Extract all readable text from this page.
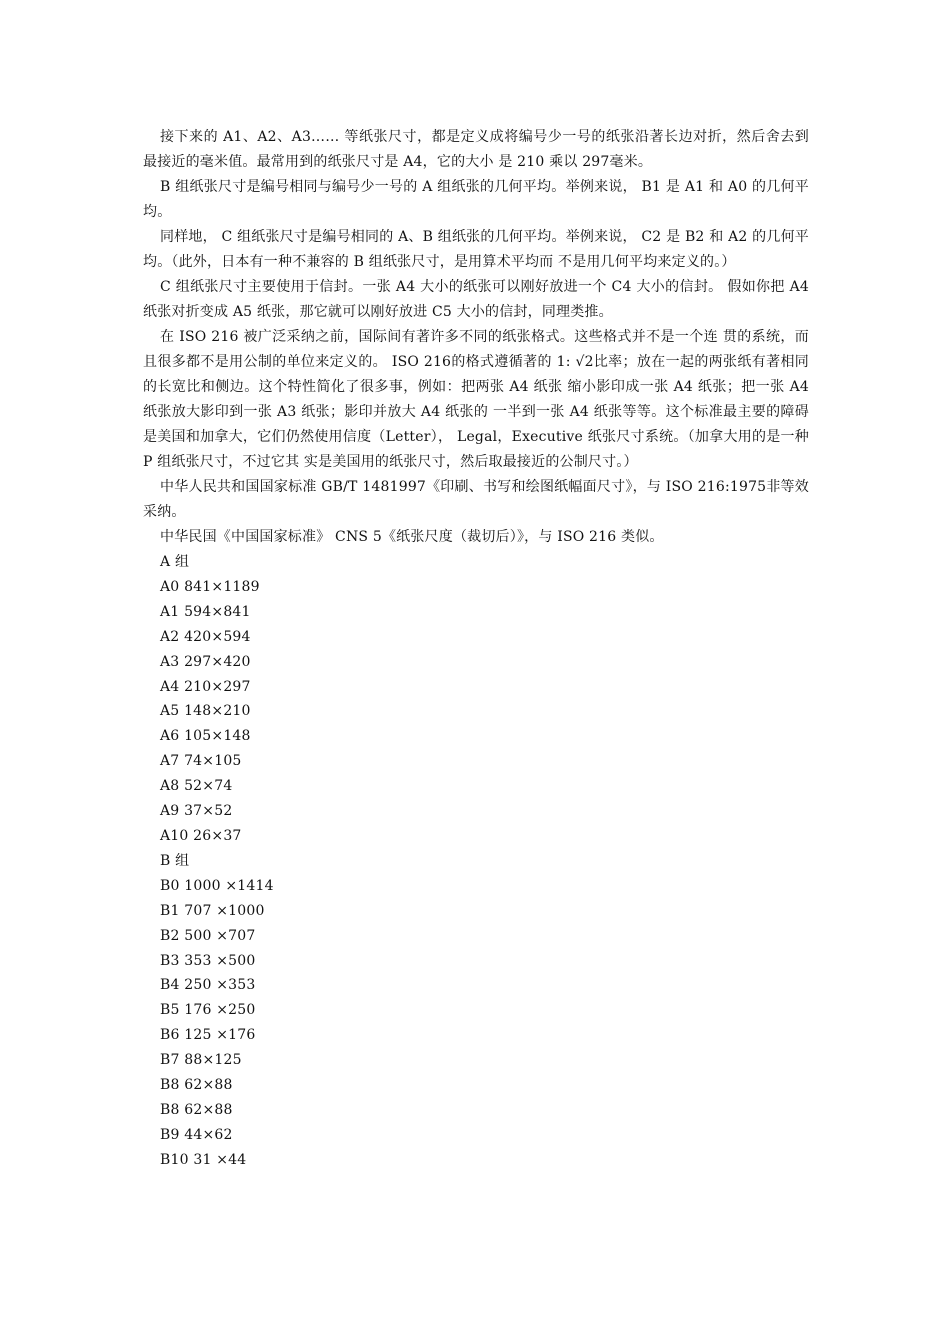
接下来的 A1、A2、A3…… 等纸张尺寸，都是定义成将编号少一号的纸张沿著长边对折，然后舍去到最接近的毫米值。最常用到的纸张尺寸是 A4，它的大小 是 210 乘以 297毫米。

B 组纸张尺寸是编号相同与编号少一号的 A 组纸张的几何平均。举例来说， B1 是 A1 和 A0 的几何平均。

同样地， C 组纸张尺寸是编号相同的 A、B 组纸张的几何平均。举例来说， C2 是 B2 和 A2 的几何平均。（此外，日本有一种不兼容的 B 组纸张尺寸，是用算术平均而 不是用几何平均来定义的。）

C 组纸张尺寸主要使用于信封。一张 A4 大小的纸张可以刚好放进一个 C4 大小的信封。 假如你把 A4 纸张对折变成 A5 纸张，那它就可以刚好放进 C5 大小的信封，同理类推。

在 ISO 216 被广泛采纳之前，国际间有著许多不同的纸张格式。这些格式并不是一个连 贯的系统，而且很多都不是用公制的单位来定义的。 ISO 216的格式遵循著的 1: √2比率；放在一起的两张纸有著相同的长宽比和侧边。这个特性简化了很多事，例如：把两张 A4 纸张 缩小影印成一张 A4 纸张；把一张 A4 纸张放大影印到一张 A3 纸张；影印并放大 A4 纸张的 一半到一张 A4 纸张等等。这个标准最主要的障碍是美国和加拿大，它们仍然使用信度（Letter）， Legal，Executive 纸张尺寸系统。（加拿大用的是一种 P 组纸张尺寸，不过它其 实是美国用的纸张尺寸，然后取最接近的公制尺寸。）

中华人民共和国国家标准 GB/T 1481997《印刷、书写和绘图纸幅面尺寸》，与 ISO 216:1975非等效采纳。

中华民国《中国国家标准》 CNS 5《纸张尺度（裁切后）》，与 ISO 216 类似。

A 组
A0 841×1189
A1 594×841
A2 420×594
A3 297×420
A4 210×297
A5 148×210
A6 105×148
A7 74×105
A8 52×74
A9 37×52
A10 26×37
B 组
B0 1000 ×1414
B1 707 ×1000
B2 500 ×707
B3 353 ×500
B4 250 ×353
B5 176 ×250
B6 125 ×176
B7 88×125
B8 62×88
B8 62×88
B9 44×62
B10 31 ×44
